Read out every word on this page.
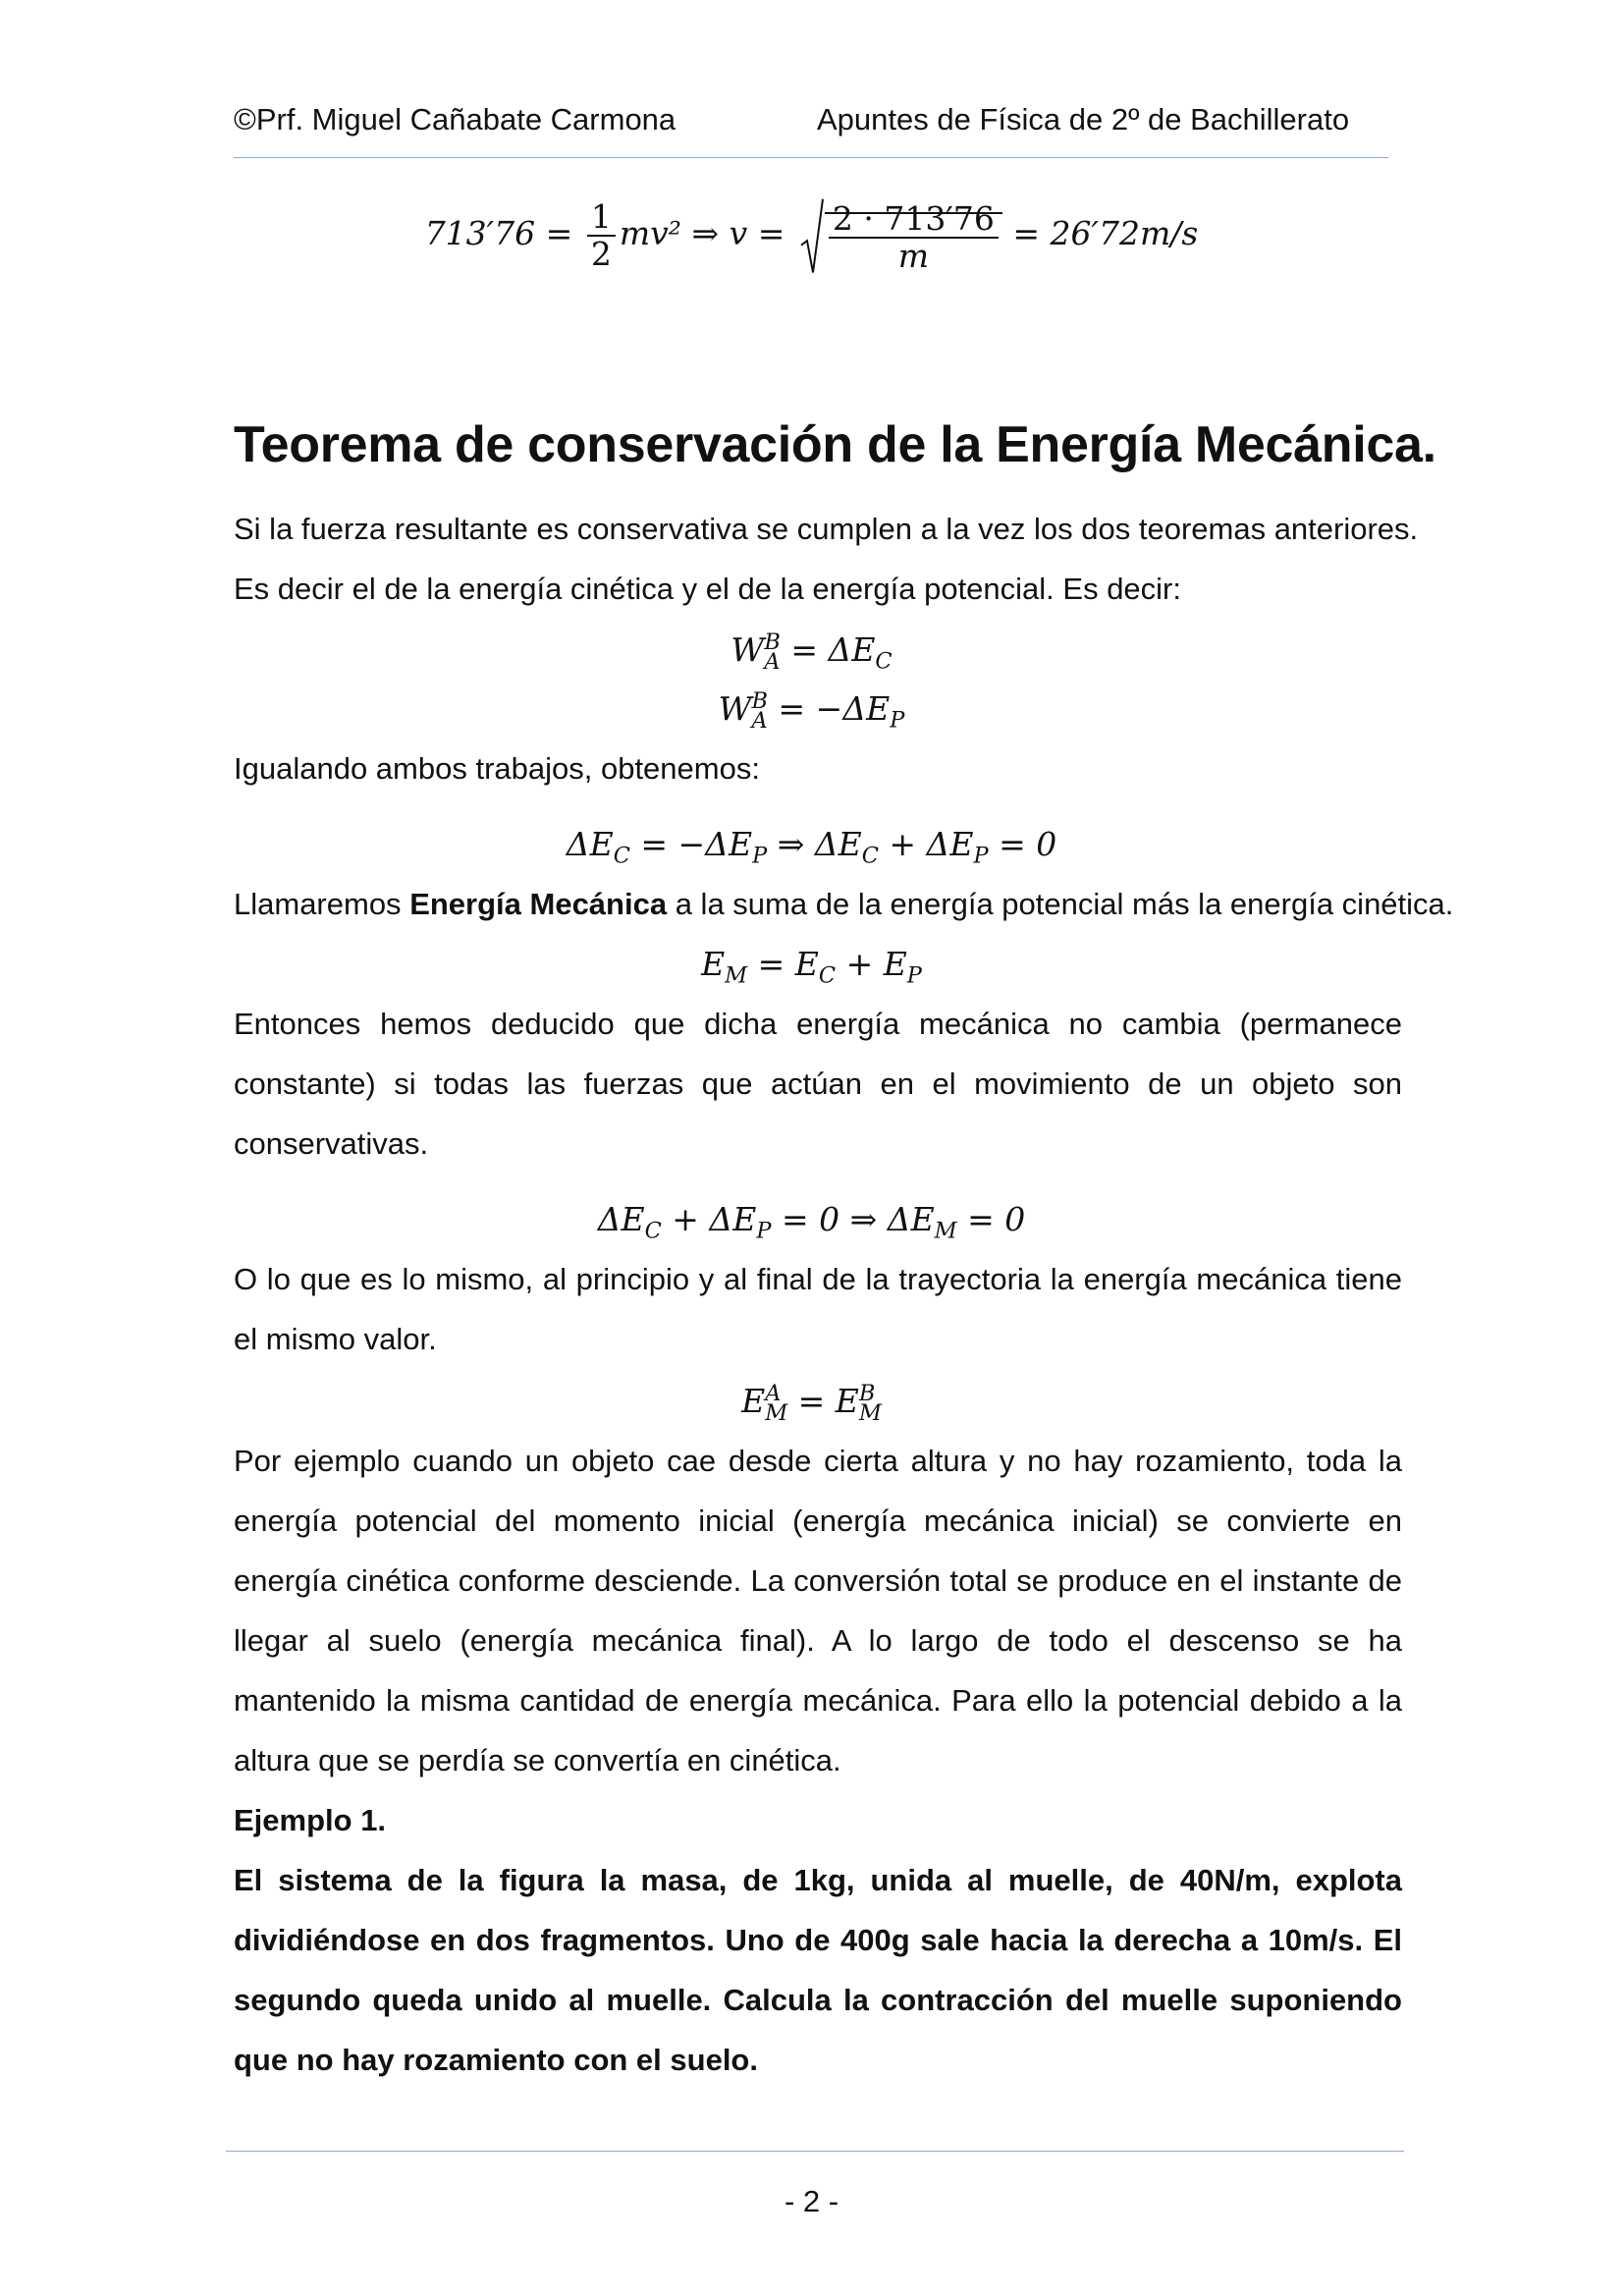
©Prf. Miguel Cañabate Carmona	Apuntes de Física de 2º de Bachillerato
$713'76 = \frac{1}{2} mv^2$ ⇒ $v = \frac{2 \cdot 713'76}{m} = 26'72m/s$
Teorema de conservación de la Energía Mecánica.
Si la fuerza resultante es conservativa se cumplen a la vez los dos teoremas anteriores.
Es decir el de la energía cinética y el de la energía potencial. Es decir:
W B
$A = \Delta E_C$
W B
$A = -\Delta E_P$
Igualando ambos trabajos, obtenemos:
$\Delta E_C = -\Delta E_P$ ⇒ $\Delta E_C + \Delta E_P = 0$
Llamaremos Energía Mecánica a la suma de la energía potencial más la energía cinética.
$E_M = E_C + E_P$
Entonces hemos deducido que dicha energía mecánica no cambia (permanece constante) si todas las fuerzas que actúan en el movimiento de un objeto son conservativas.
$\Delta E_C + \Delta E_P = 0$ ⇒ $\Delta E_M = 0$
O lo que es lo mismo, al principio y al final de la trayectoria la energía mecánica tiene el mismo valor.
E A
M = E B
M
Por ejemplo cuando un objeto cae desde cierta altura y no hay rozamiento, toda la energía potencial del momento inicial (energía mecánica inicial) se convierte en energía cinética conforme desciende. La conversión total se produce en el instante de llegar al suelo (energía mecánica final). A lo largo de todo el descenso se ha mantenido la misma cantidad de energía mecánica. Para ello la potencial debido a la altura que se perdía se convertía en cinética.
Ejemplo 1.
El sistema de la figura la masa, de 1kg, unida al muelle, de 40N/m, explota dividiéndose en dos fragmentos. Uno de 400g sale hacia la derecha a 10m/s. El segundo queda unido al muelle. Calcula la contracción del muelle suponiendo que no hay rozamiento con el suelo.
- 2 -
